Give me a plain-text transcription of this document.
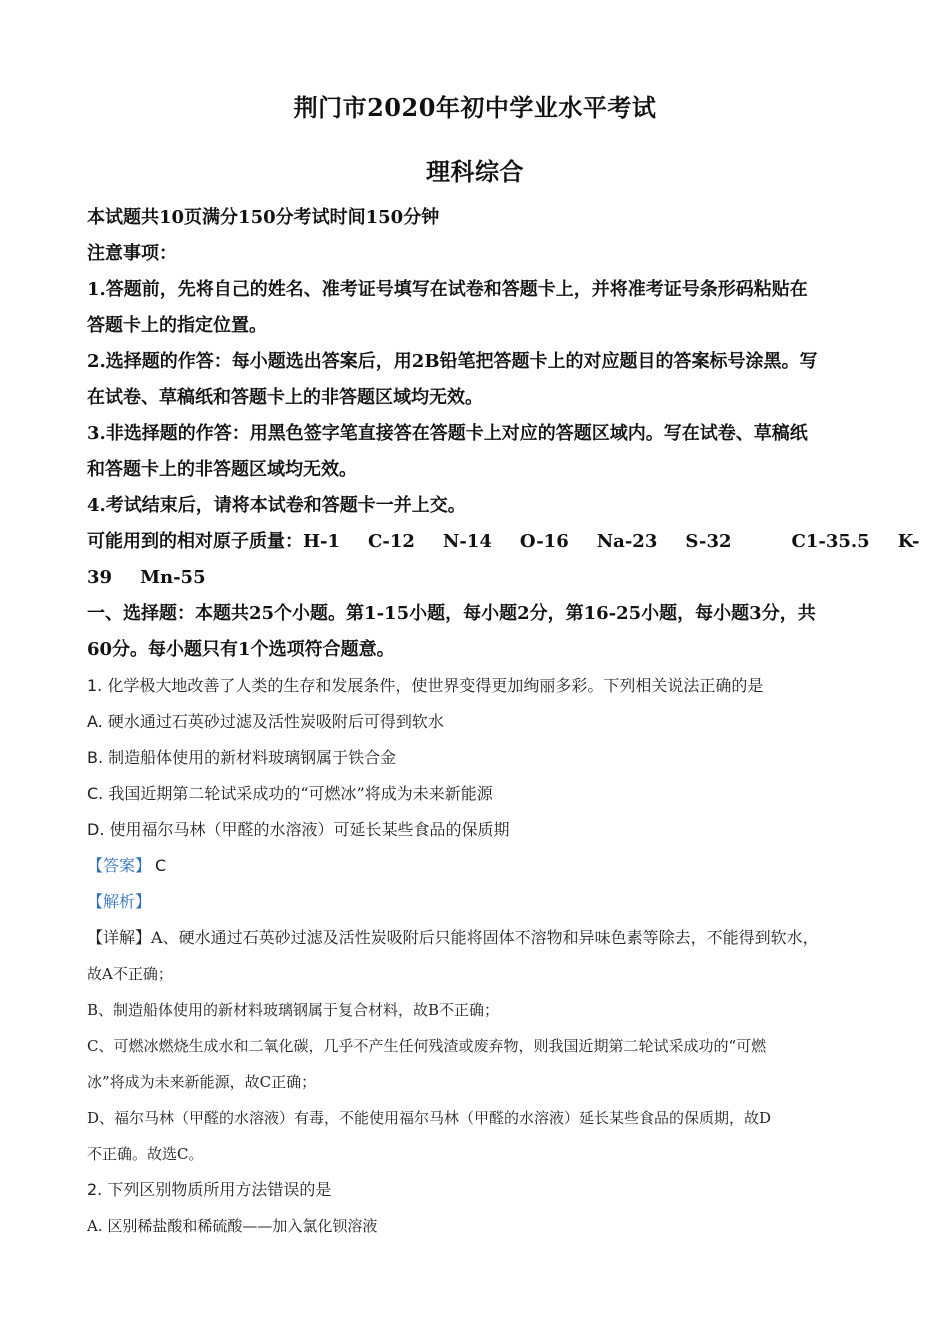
荆门市2020年初中学业水平考试
理科综合
本试题共10页满分150分考试时间150分钟
注意事项：
1.答题前，先将自己的姓名、准考证号填写在试卷和答题卡上，并将准考证号条形码粘贴在
答题卡上的指定位置。
2.选择题的作答：每小题选出答案后，用2B铅笔把答题卡上的对应题目的答案标号涂黑。写
在试卷、草稿纸和答题卡上的非答题区域均无效。
3.非选择题的作答：用黑色签字笔直接答在答题卡上对应的答题区域内。写在试卷、草稿纸
和答题卡上的非答题区域均无效。
4.考试结束后，请将本试卷和答题卡一并上交。
可能用到的相对原子质量：H-1 C-12 N-14 O-16 Na-23 S-32	C1-35.5 K-
39 Mn-55
一、选择题：本题共25个小题。第1-15小题，每小题2分，第16-25小题，每小题3分，共
60分。每小题只有1个选项符合题意。
1. 化学极大地改善了人类的生存和发展条件，使世界变得更加绚丽多彩。下列相关说法正确的是
A. 硬水通过石英砂过滤及活性炭吸附后可得到软水
B. 制造船体使用的新材料玻璃钢属于铁合金
C. 我国近期第二轮试采成功的“可燃冰”将成为未来新能源
D. 使用福尔马林（甲醛的水溶液）可延长某些食品的保质期
【答案】 C
【解析】
【详解】A、硬水通过石英砂过滤及活性炭吸附后只能将固体不溶物和异味色素等除去，不能得到软水，
故A不正确；
B、制造船体使用的新材料玻璃钢属于复合材料，故B不正确；
C、可燃冰燃烧生成水和二氧化碳，几乎不产生任何残渣或废弃物，则我国近期第二轮试采成功的“可燃
冰”将成为未来新能源，故C正确；
D、福尔马林（甲醛的水溶液）有毒，不能使用福尔马林（甲醛的水溶液）延长某些食品的保质期，故D
不正确。故选C。
2. 下列区别物质所用方法错误的是
A. 区别稀盐酸和稀硫酸——加入氯化钡溶液
